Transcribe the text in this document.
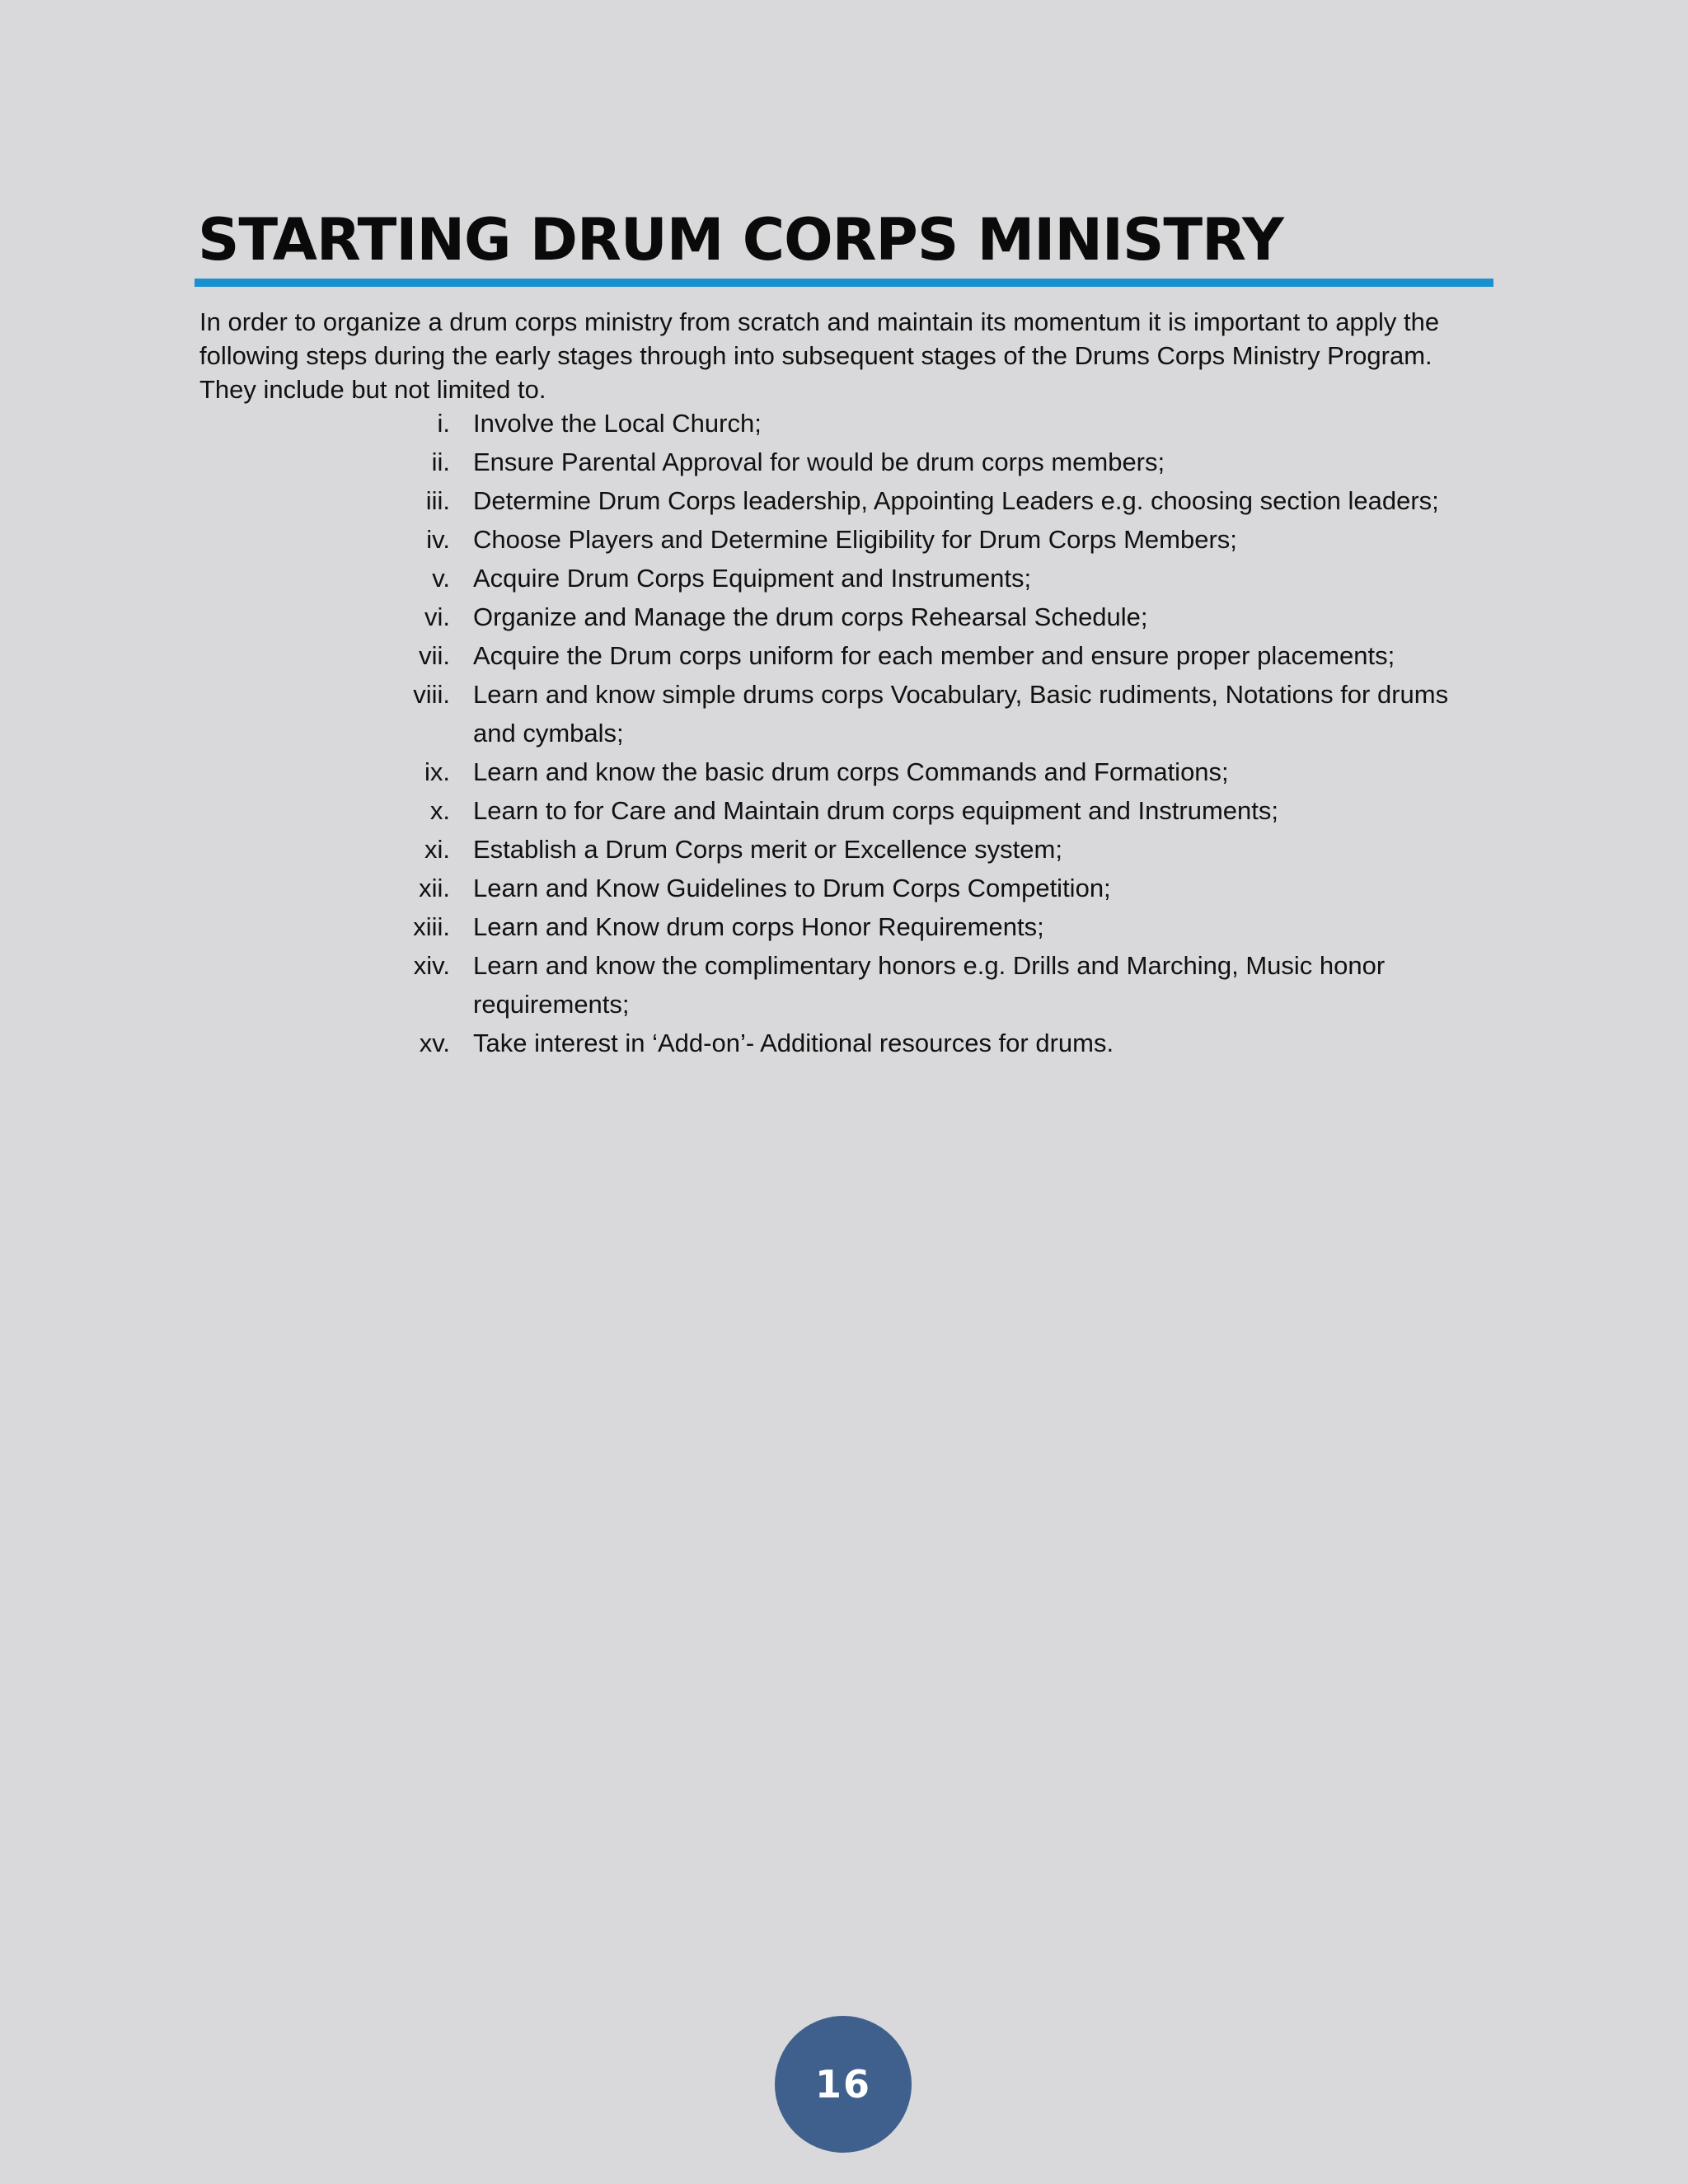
STARTING DRUM CORPS MINISTRY

In order to organize a drum corps ministry from scratch and maintain its momentum it is important to apply the following steps during the early stages through into subsequent stages of the Drums Corps Ministry Program. They include but not limited to.

i. Involve the Local Church;
ii. Ensure Parental Approval for would be drum corps members;
iii. Determine Drum Corps leadership, Appointing Leaders e.g. choosing section leaders;
iv. Choose Players and Determine Eligibility for Drum Corps Members;
v. Acquire Drum Corps Equipment and Instruments;
vi. Organize and Manage the drum corps Rehearsal Schedule;
vii. Acquire the Drum corps uniform for each member and ensure proper placements;
viii. Learn and know simple drums corps Vocabulary, Basic rudiments, Notations for drums and cymbals;
ix. Learn and know the basic drum corps Commands and Formations;
x. Learn to for Care and Maintain drum corps equipment and Instruments;
xi. Establish a Drum Corps merit or Excellence system;
xii. Learn and Know Guidelines to Drum Corps Competition;
xiii. Learn and Know drum corps Honor Requirements;
xiv. Learn and know the complimentary honors e.g. Drills and Marching, Music honor requirements;
xv. Take interest in ‘Add-on’- Additional resources for drums.
16
